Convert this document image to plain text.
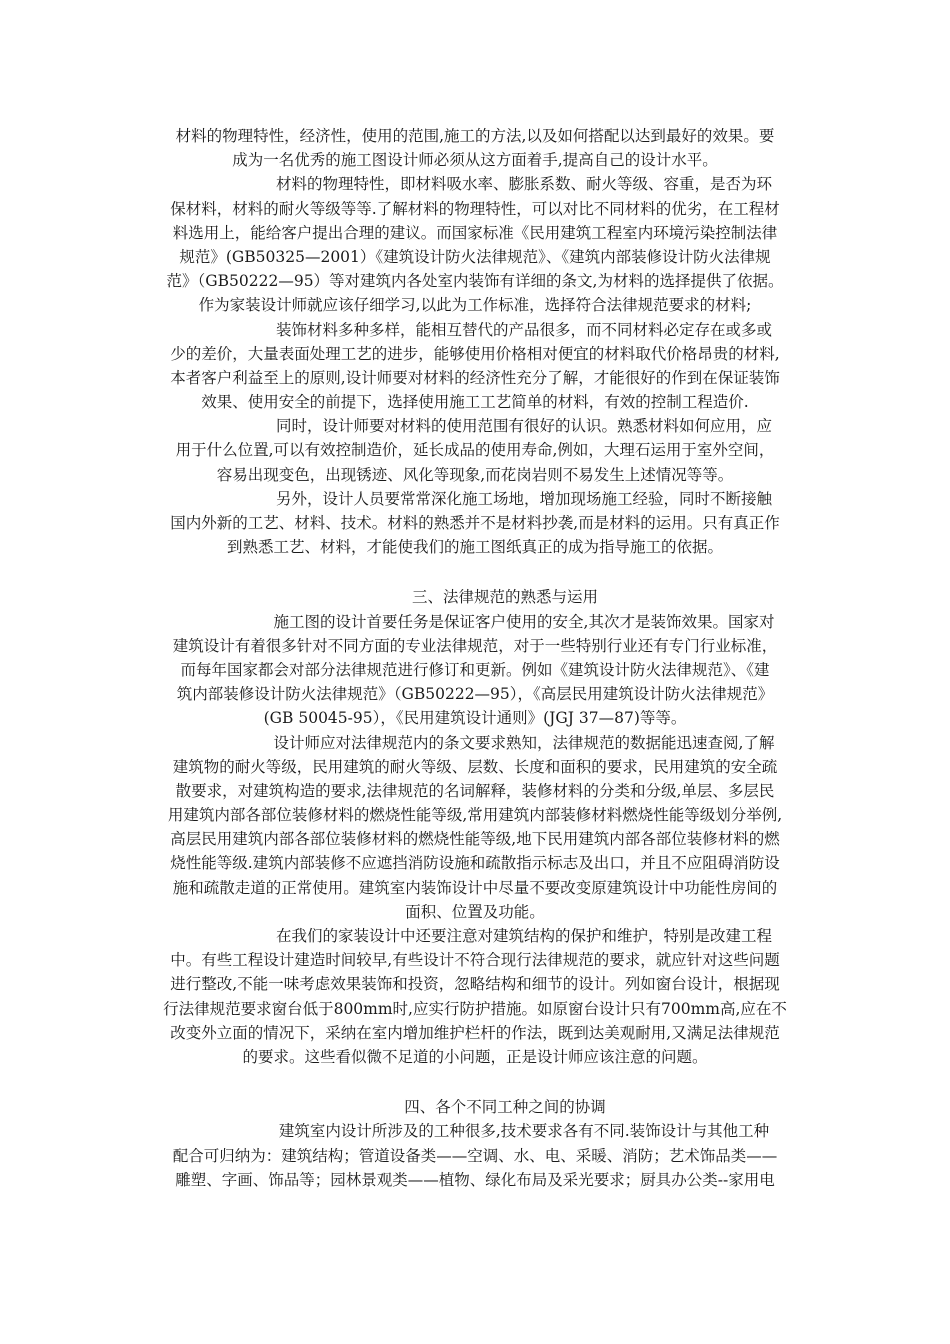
材料的物理特性，经济性，使用的范围,施工的方法,以及如何搭配以达到最好的效果。要
成为一名优秀的施工图设计师必须从这方面着手,提高自己的设计水平。
材料的物理特性，即材料吸水率、膨胀系数、耐火等级、容重，是否为环
保材料，材料的耐火等级等等.了解材料的物理特性，可以对比不同材料的优劣，在工程材
料选用上，能给客户提出合理的建议。而国家标准《民用建筑工程室内环境污染控制法律
规范》(GB50325—2001）《建筑设计防火法律规范》、《建筑内部装修设计防火法律规
范》（GB50222—95）等对建筑内各处室内装饰有详细的条文,为材料的选择提供了依据。
作为家装设计师就应该仔细学习,以此为工作标准，选择符合法律规范要求的材料;
装饰材料多种多样，能相互替代的产品很多，而不同材料必定存在或多或
少的差价，大量表面处理工艺的进步，能够使用价格相对便宜的材料取代价格昂贵的材料,
本者客户利益至上的原则,设计师要对材料的经济性充分了解，才能很好的作到在保证装饰
效果、使用安全的前提下，选择使用施工工艺简单的材料，有效的控制工程造价.
同时，设计师要对材料的使用范围有很好的认识。熟悉材料如何应用，应
用于什么位置,可以有效控制造价，延长成品的使用寿命,例如，大理石运用于室外空间，
容易出现变色，出现锈迹、风化等现象,而花岗岩则不易发生上述情况等等。
另外，设计人员要常常深化施工场地，增加现场施工经验，同时不断接触
国内外新的工艺、材料、技术。材料的熟悉并不是材料抄袭,而是材料的运用。只有真正作
到熟悉工艺、材料，才能使我们的施工图纸真正的成为指导施工的依据。
三、法律规范的熟悉与运用
施工图的设计首要任务是保证客户使用的安全,其次才是装饰效果。国家对
建筑设计有着很多针对不同方面的专业法律规范，对于一些特别行业还有专门行业标准，
而每年国家都会对部分法律规范进行修订和更新。例如《建筑设计防火法律规范》、《建
筑内部装修设计防火法律规范》（GB50222—95），《高层民用建筑设计防火法律规范》
(GB 50045-95），《民用建筑设计通则》(JGJ 37—87)等等。
设计师应对法律规范内的条文要求熟知，法律规范的数据能迅速查阅,了解
建筑物的耐火等级，民用建筑的耐火等级、层数、长度和面积的要求，民用建筑的安全疏
散要求，对建筑构造的要求,法律规范的名词解释，装修材料的分类和分级,单层、多层民
用建筑内部各部位装修材料的燃烧性能等级,常用建筑内部装修材料燃烧性能等级划分举例,
高层民用建筑内部各部位装修材料的燃烧性能等级,地下民用建筑内部各部位装修材料的燃
烧性能等级.建筑内部装修不应遮挡消防设施和疏散指示标志及出口，并且不应阻碍消防设
施和疏散走道的正常使用。建筑室内装饰设计中尽量不要改变原建筑设计中功能性房间的
面积、位置及功能。
在我们的家装设计中还要注意对建筑结构的保护和维护，特别是改建工程
中。有些工程设计建造时间较早,有些设计不符合现行法律规范的要求，就应针对这些问题
进行整改,不能一味考虑效果装饰和投资，忽略结构和细节的设计。列如窗台设计，根据现
行法律规范要求窗台低于800mm时,应实行防护措施。如原窗台设计只有700mm高,应在不
改变外立面的情况下，采纳在室内增加维护栏杆的作法，既到达美观耐用,又满足法律规范
的要求。这些看似微不足道的小问题，正是设计师应该注意的问题。
四、各个不同工种之间的协调
建筑室内设计所涉及的工种很多,技术要求各有不同.装饰设计与其他工种
配合可归纳为：建筑结构；管道设备类——空调、水、电、采暖、消防；艺术饰品类——
雕塑、字画、饰品等；园林景观类——植物、绿化布局及采光要求；厨具办公类--家用电
